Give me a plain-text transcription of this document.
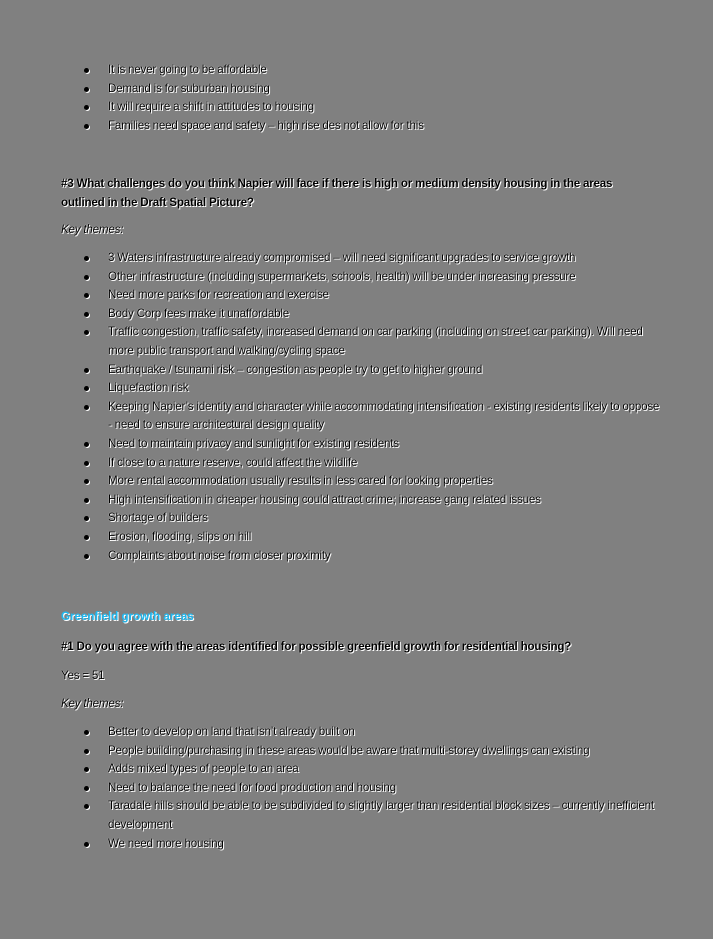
It is never going to be affordable
Demand is for suburban housing
It will require a shift in attitudes to housing
Families need space and safety – high rise des not allow for this
#3 What challenges do you think Napier will face if there is high or medium density housing in the areas outlined in the Draft Spatial Picture?
Key themes:
3 Waters infrastructure already compromised – will need significant upgrades to service growth
Other infrastructure (including supermarkets, schools, health) will be under increasing pressure
Need more parks for recreation and exercise
Body Corp fees make it unaffordable
Traffic congestion, traffic safety, increased demand on car parking (including on street car parking). Will need more public transport and walking/cycling space
Earthquake / tsunami risk – congestion as people try to get to higher ground
Liquefaction risk
Keeping Napier’s identity and character while accommodating intensification - existing residents likely to oppose - need to ensure architectural design quality
Need to maintain privacy and sunlight for existing residents
If close to a nature reserve, could affect the wildlife
More rental accommodation usually results in less cared for looking properties
High intensification in cheaper housing could attract crime; increase gang related issues
Shortage of builders
Erosion, flooding, slips on hill
Complaints about noise from closer proximity
Greenfield growth areas
#1 Do you agree with the areas identified for possible greenfield growth for residential housing?
Yes = 51
Key themes:
Better to develop on land that isn’t already built on
People building/purchasing in these areas would be aware that multi-storey dwellings can existing
Adds mixed types of people to an area
Need to balance the need for food production and housing
Taradale hills should be able to be subdivided to slightly larger than residential block sizes – currently inefficient development
We need more housing
